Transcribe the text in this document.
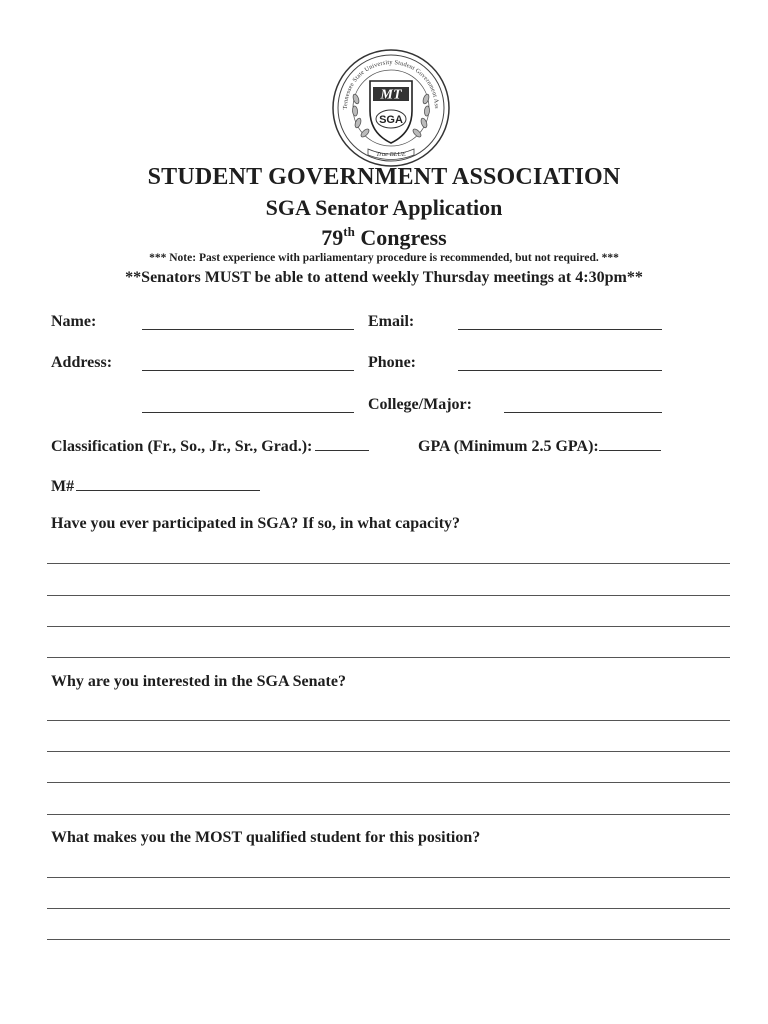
Tennessee State University Student Government Ass
MT
SGA
True BLUE
STUDENT GOVERNMENT ASSOCIATION
SGA Senator Application
79th Congress
*** Note: Past experience with parliamentary procedure is recommended, but not required. ***
**Senators MUST be able to attend weekly Thursday meetings at 4:30pm**
Name:	Email:
Address:	Phone:
College/Major:
Classification (Fr., So., Jr., Sr., Grad.):	GPA (Minimum 2.5 GPA):
M#
Have you ever participated in SGA? If so, in what capacity?
Why are you interested in the SGA Senate?
What makes you the MOST qualified student for this position?
